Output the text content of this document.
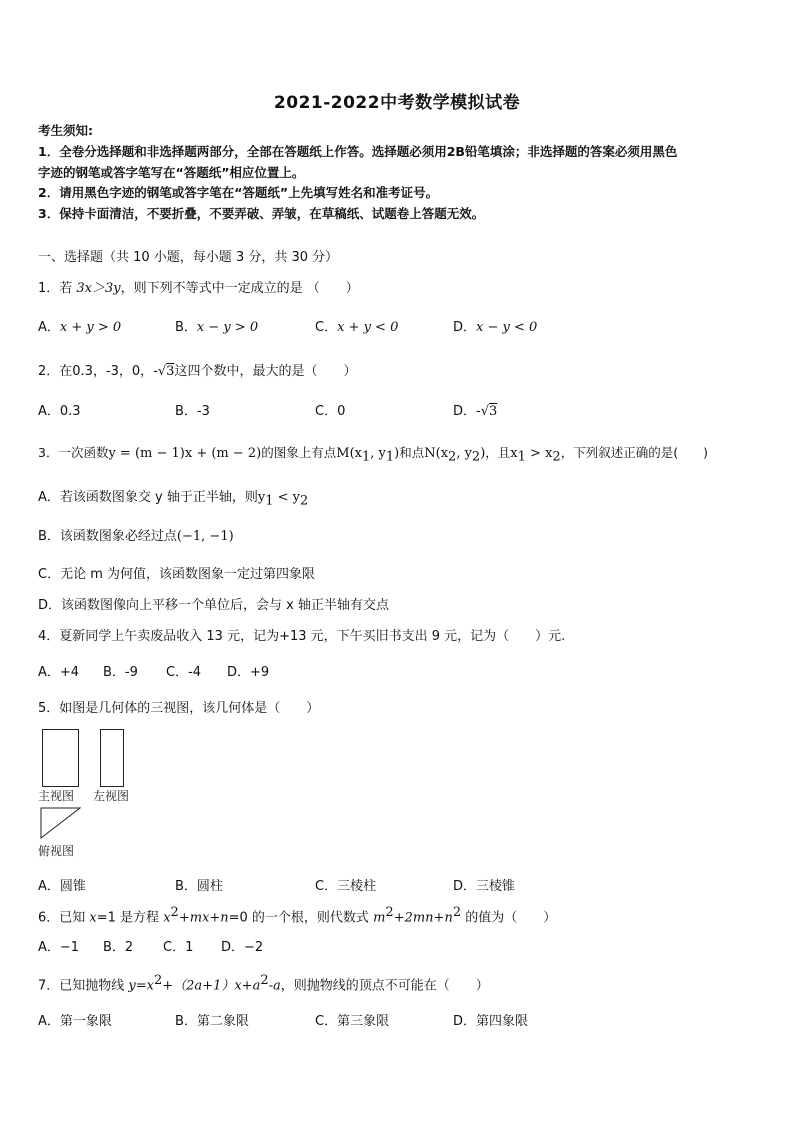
2021-2022中考数学模拟试卷
考生须知:
1．全卷分选择题和非选择题两部分，全部在答题纸上作答。选择题必须用2B铅笔填涂；非选择题的答案必须用黑色
字迹的钢笔或答字笔写在“答题纸”相应位置上。
2．请用黑色字迹的钢笔或答字笔在“答题纸”上先填写姓名和准考证号。
3．保持卡面清洁，不要折叠，不要弄破、弄皱，在草稿纸、试题卷上答题无效。
一、选择题（共 10 小题，每小题 3 分，共 30 分）
1．若 3x＞3y，则下列不等式中一定成立的是 （　　）
A．x + y > 0	B．x − y > 0	C．x + y < 0	D．x − y < 0
2．在0.3，-3，0，-√3这四个数中，最大的是（　　）
A．0.3	B．-3	C．0	D．-√3
3．一次函数y = (m − 1)x + (m − 2)的图象上有点$M(x_1$, $y_1$)和点$N(x_2$, $y_2$)，且$x_1 > x_2$，下列叙述正确的是(　　)
A．若该函数图象交 y 轴于正半轴，则$y_1 < y_2$
B．该函数图象必经过点(−1, −1)
C．无论 m 为何值，该函数图象一定过第四象限
D．该函数图像向上平移一个单位后，会与 x 轴正半轴有交点
4．夏新同学上午卖废品收入 13 元，记为+13 元，下午买旧书支出 9 元，记为（　　）元.
A．+4 B．-9 C．-4 D．+9
5．如图是几何体的三视图，该几何体是（　　）
主视图 左视图
俯视图
A．圆锥	B．圆柱	C．三棱柱	D．三棱锥
6．已知 x=1 是方程 $x^2+mx+n=0$ 的一个根，则代数式 $m^2+2mn+n^2$ 的值为（　　）
A．−1 B．2 C．1 D．−2
7．已知抛物线 $y=x^2+(2a+1)x+a^2-a$，则抛物线的顶点不可能在（　　）
A．第一象限	B．第二象限	C．第三象限	D．第四象限
